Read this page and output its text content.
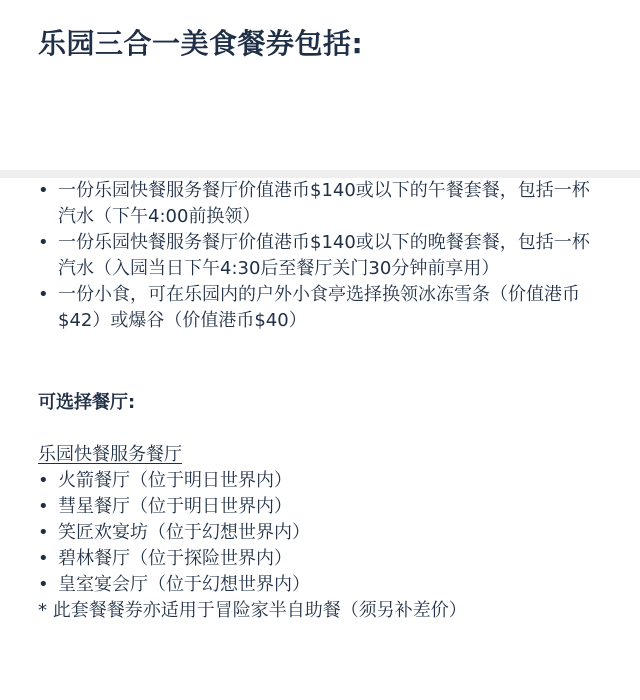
乐园三合一美食餐券包括:
• 一份乐园快餐服务餐厅价值港币$140或以下的午餐套餐，包括一杯汽水（下午4:00前换领）
• 一份乐园快餐服务餐厅价值港币$140或以下的晚餐套餐，包括一杯汽水（入园当日下午4:30后至餐厅关门30分钟前享用）
• 一份小食，可在乐园内的户外小食亭选择换领冰冻雪条（价值港币$42）或爆谷（价值港币$40）
可选择餐厅:
乐园快餐服务餐厅
• 火箭餐厅（位于明日世界内）
• 彗星餐厅（位于明日世界内）
• 笑匠欢宴坊（位于幻想世界内）
• 碧林餐厅（位于探险世界内）
• 皇室宴会厅（位于幻想世界内）
* 此套餐餐券亦适用于冒险家半自助餐（须另补差价）
